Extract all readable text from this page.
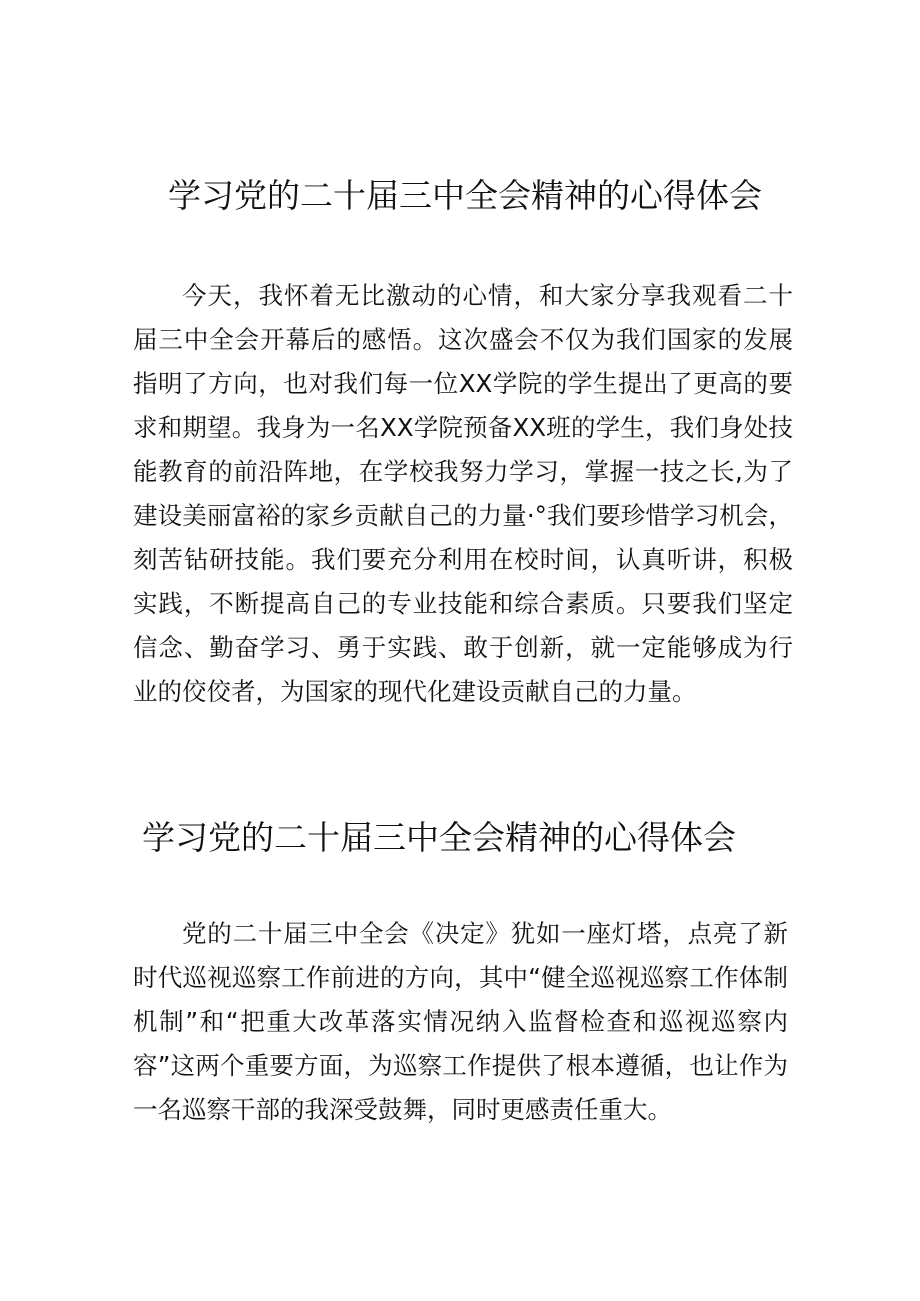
学习党的二十届三中全会精神的心得体会

今天，我怀着无比激动的心情，和大家分享我观看二十届三中全会开幕后的感悟。这次盛会不仅为我们国家的发展指明了方向，也对我们每一位XX学院的学生提出了更高的要求和期望。我身为一名XX学院预备XX班的学生，我们身处技能教育的前沿阵地，在学校我努力学习，掌握一技之长,为了建设美丽富裕的家乡贡献自己的力量·°我们要珍惜学习机会，刻苦钻研技能。我们要充分利用在校时间，认真听讲，积极实践，不断提高自己的专业技能和综合素质。只要我们坚定信念、勤奋学习、勇于实践、敢于创新，就一定能够成为行业的佼佼者，为国家的现代化建设贡献自己的力量。

学习党的二十届三中全会精神的心得体会

党的二十届三中全会《决定》犹如一座灯塔，点亮了新时代巡视巡察工作前进的方向，其中“健全巡视巡察工作体制机制”和“把重大改革落实情况纳入监督检查和巡视巡察内容”这两个重要方面，为巡察工作提供了根本遵循，也让作为一名巡察干部的我深受鼓舞，同时更感责任重大。
